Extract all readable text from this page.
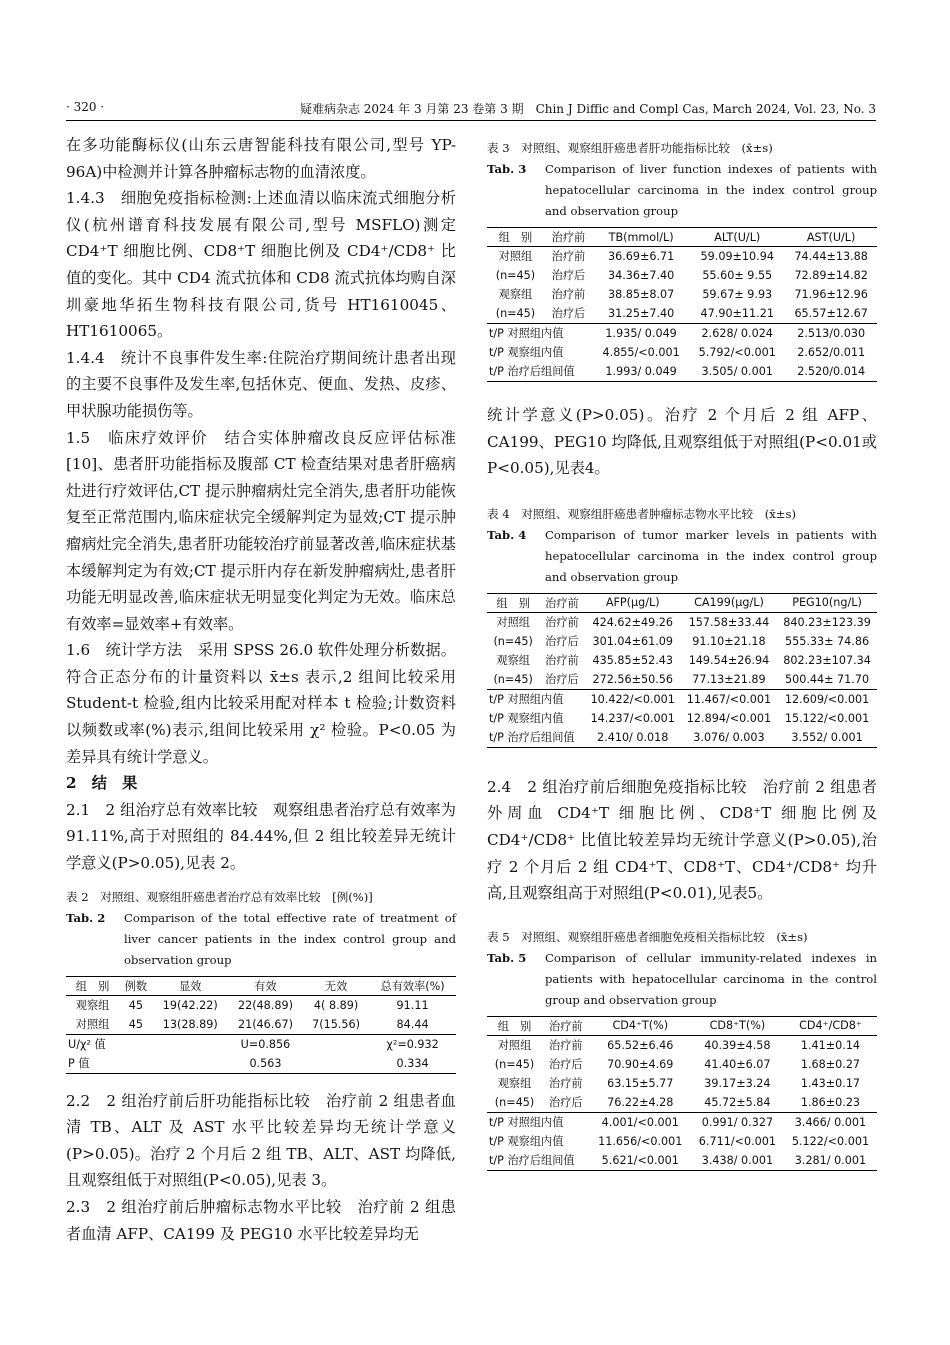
· 320 ·	疑难病杂志 2024 年 3 月第 23 卷第 3 期　Chin J Diffic and Compl Cas, March 2024, Vol. 23, No. 3

在多功能酶标仪(山东云唐智能科技有限公司,型号 YP-96A)中检测并计算各肿瘤标志物的血清浓度。

1.4.3　细胞免疫指标检测:上述血清以临床流式细胞分析仪(杭州谱育科技发展有限公司,型号 MSFLO)测定 CD4⁺T 细胞比例、CD8⁺T 细胞比例及 CD4⁺/CD8⁺ 比值的变化。其中 CD4 流式抗体和 CD8 流式抗体均购自深圳豪地华拓生物科技有限公司,货号 HT1610045、HT1610065。

1.4.4　统计不良事件发生率:住院治疗期间统计患者出现的主要不良事件及发生率,包括休克、便血、发热、皮疹、甲状腺功能损伤等。

1.5　临床疗效评价　结合实体肿瘤改良反应评估标准[10]、患者肝功能指标及腹部 CT 检查结果对患者肝癌病灶进行疗效评估,CT 提示肿瘤病灶完全消失,患者肝功能恢复至正常范围内,临床症状完全缓解判定为显效;CT 提示肿瘤病灶完全消失,患者肝功能较治疗前显著改善,临床症状基本缓解判定为有效;CT 提示肝内存在新发肿瘤病灶,患者肝功能无明显改善,临床症状无明显变化判定为无效。临床总有效率=显效率+有效率。

1.6　统计学方法　采用 SPSS 26.0 软件处理分析数据。符合正态分布的计量资料以 x̄±s 表示,2 组间比较采用 Student-t 检验,组内比较采用配对样本 t 检验;计数资料以频数或率(%)表示,组间比较采用 χ² 检验。P<0.05 为差异具有统计学意义。

2　结　果

2.1　2 组治疗总有效率比较　观察组患者治疗总有效率为 91.11%,高于对照组的 84.44%,但 2 组比较差异无统计学意义(P>0.05),见表 2。

表 2　对照组、观察组肝癌患者治疗总有效率比较　[例(%)]
Tab. 2	Comparison of the total effective rate of treatment of liver cancer patients in the index control group and observation group
组　别	例数	显效	有效	无效	总有效率(%)
观察组	45	19(42.22)	22(48.89)	4( 8.89)	91.11
对照组	45	13(28.89)	21(46.67)	7(15.56)	84.44
U/χ² 值			U=0.856		χ²=0.932
P 值			0.563		0.334

2.2　2 组治疗前后肝功能指标比较　治疗前 2 组患者血清 TB、ALT 及 AST 水平比较差异均无统计学意义(P>0.05)。治疗 2 个月后 2 组 TB、ALT、AST 均降低,且观察组低于对照组(P<0.05),见表 3。

2.3　2 组治疗前后肿瘤标志物水平比较　治疗前 2 组患者血清 AFP、CA199 及 PEG10 水平比较差异均无

表 3　对照组、观察组肝癌患者肝功能指标比较　(x̄±s)
Tab. 3	Comparison of liver function indexes of patients with hepatocellular carcinoma in the index control group and observation group
组　别	治疗前	TB(mmol/L)	ALT(U/L)	AST(U/L)
对照组	治疗前	36.69±6.71	59.09±10.94	74.44±13.88
(n=45)	治疗后	34.36±7.40	55.60± 9.55	72.89±14.82
观察组	治疗前	38.85±8.07	59.67± 9.93	71.96±12.96
(n=45)	治疗后	31.25±7.40	47.90±11.21	65.57±12.67
t/P 对照组内值		1.935/ 0.049	2.628/ 0.024	2.513/0.030
t/P 观察组内值		4.855/<0.001	5.792/<0.001	2.652/0.011
t/P 治疗后组间值		1.993/ 0.049	3.505/ 0.001	2.520/0.014

统计学意义(P>0.05)。治疗 2 个月后 2 组 AFP、CA199、PEG10 均降低,且观察组低于对照组(P<0.01或P<0.05),见表4。

表 4　对照组、观察组肝癌患者肿瘤标志物水平比较　(x̄±s)
Tab. 4	Comparison of tumor marker levels in patients with hepatocellular carcinoma in the index control group and observation group
组　别	治疗前	AFP(μg/L)	CA199(μg/L)	PEG10(ng/L)
对照组	治疗前	424.62±49.26	157.58±33.44	840.23±123.39
(n=45)	治疗后	301.04±61.09	91.10±21.18	555.33± 74.86
观察组	治疗前	435.85±52.43	149.54±26.94	802.23±107.34
(n=45)	治疗后	272.56±50.56	77.13±21.89	500.44± 71.70
t/P 对照组内值		10.422/<0.001	11.467/<0.001	12.609/<0.001
t/P 观察组内值		14.237/<0.001	12.894/<0.001	15.122/<0.001
t/P 治疗后组间值		2.410/ 0.018	3.076/ 0.003	3.552/ 0.001

2.4　2 组治疗前后细胞免疫指标比较　治疗前 2 组患者外周血 CD4⁺T 细胞比例、CD8⁺T 细胞比例及 CD4⁺/CD8⁺ 比值比较差异均无统计学意义(P>0.05),治疗 2 个月后 2 组 CD4⁺T、CD8⁺T、CD4⁺/CD8⁺ 均升高,且观察组高于对照组(P<0.01),见表5。

表 5　对照组、观察组肝癌患者细胞免疫相关指标比较　(x̄±s)
Tab. 5	Comparison of cellular immunity-related indexes in patients with hepatocellular carcinoma in the control group and observation group
组　别	治疗前	CD4⁺T(%)	CD8⁺T(%)	CD4⁺/CD8⁺
对照组	治疗前	65.52±6.46	40.39±4.58	1.41±0.14
(n=45)	治疗后	70.90±4.69	41.40±6.07	1.68±0.27
观察组	治疗前	63.15±5.77	39.17±3.24	1.43±0.17
(n=45)	治疗后	76.22±4.28	45.72±5.84	1.86±0.23
t/P 对照组内值		4.001/<0.001	0.991/ 0.327	3.466/ 0.001
t/P 观察组内值		11.656/<0.001	6.711/<0.001	5.122/<0.001
t/P 治疗后组间值		5.621/<0.001	3.438/ 0.001	3.281/ 0.001
